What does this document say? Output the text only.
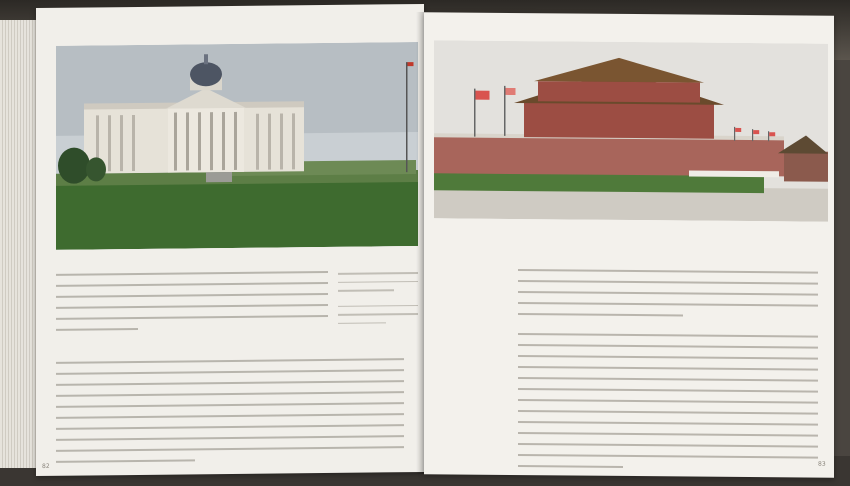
82	83
